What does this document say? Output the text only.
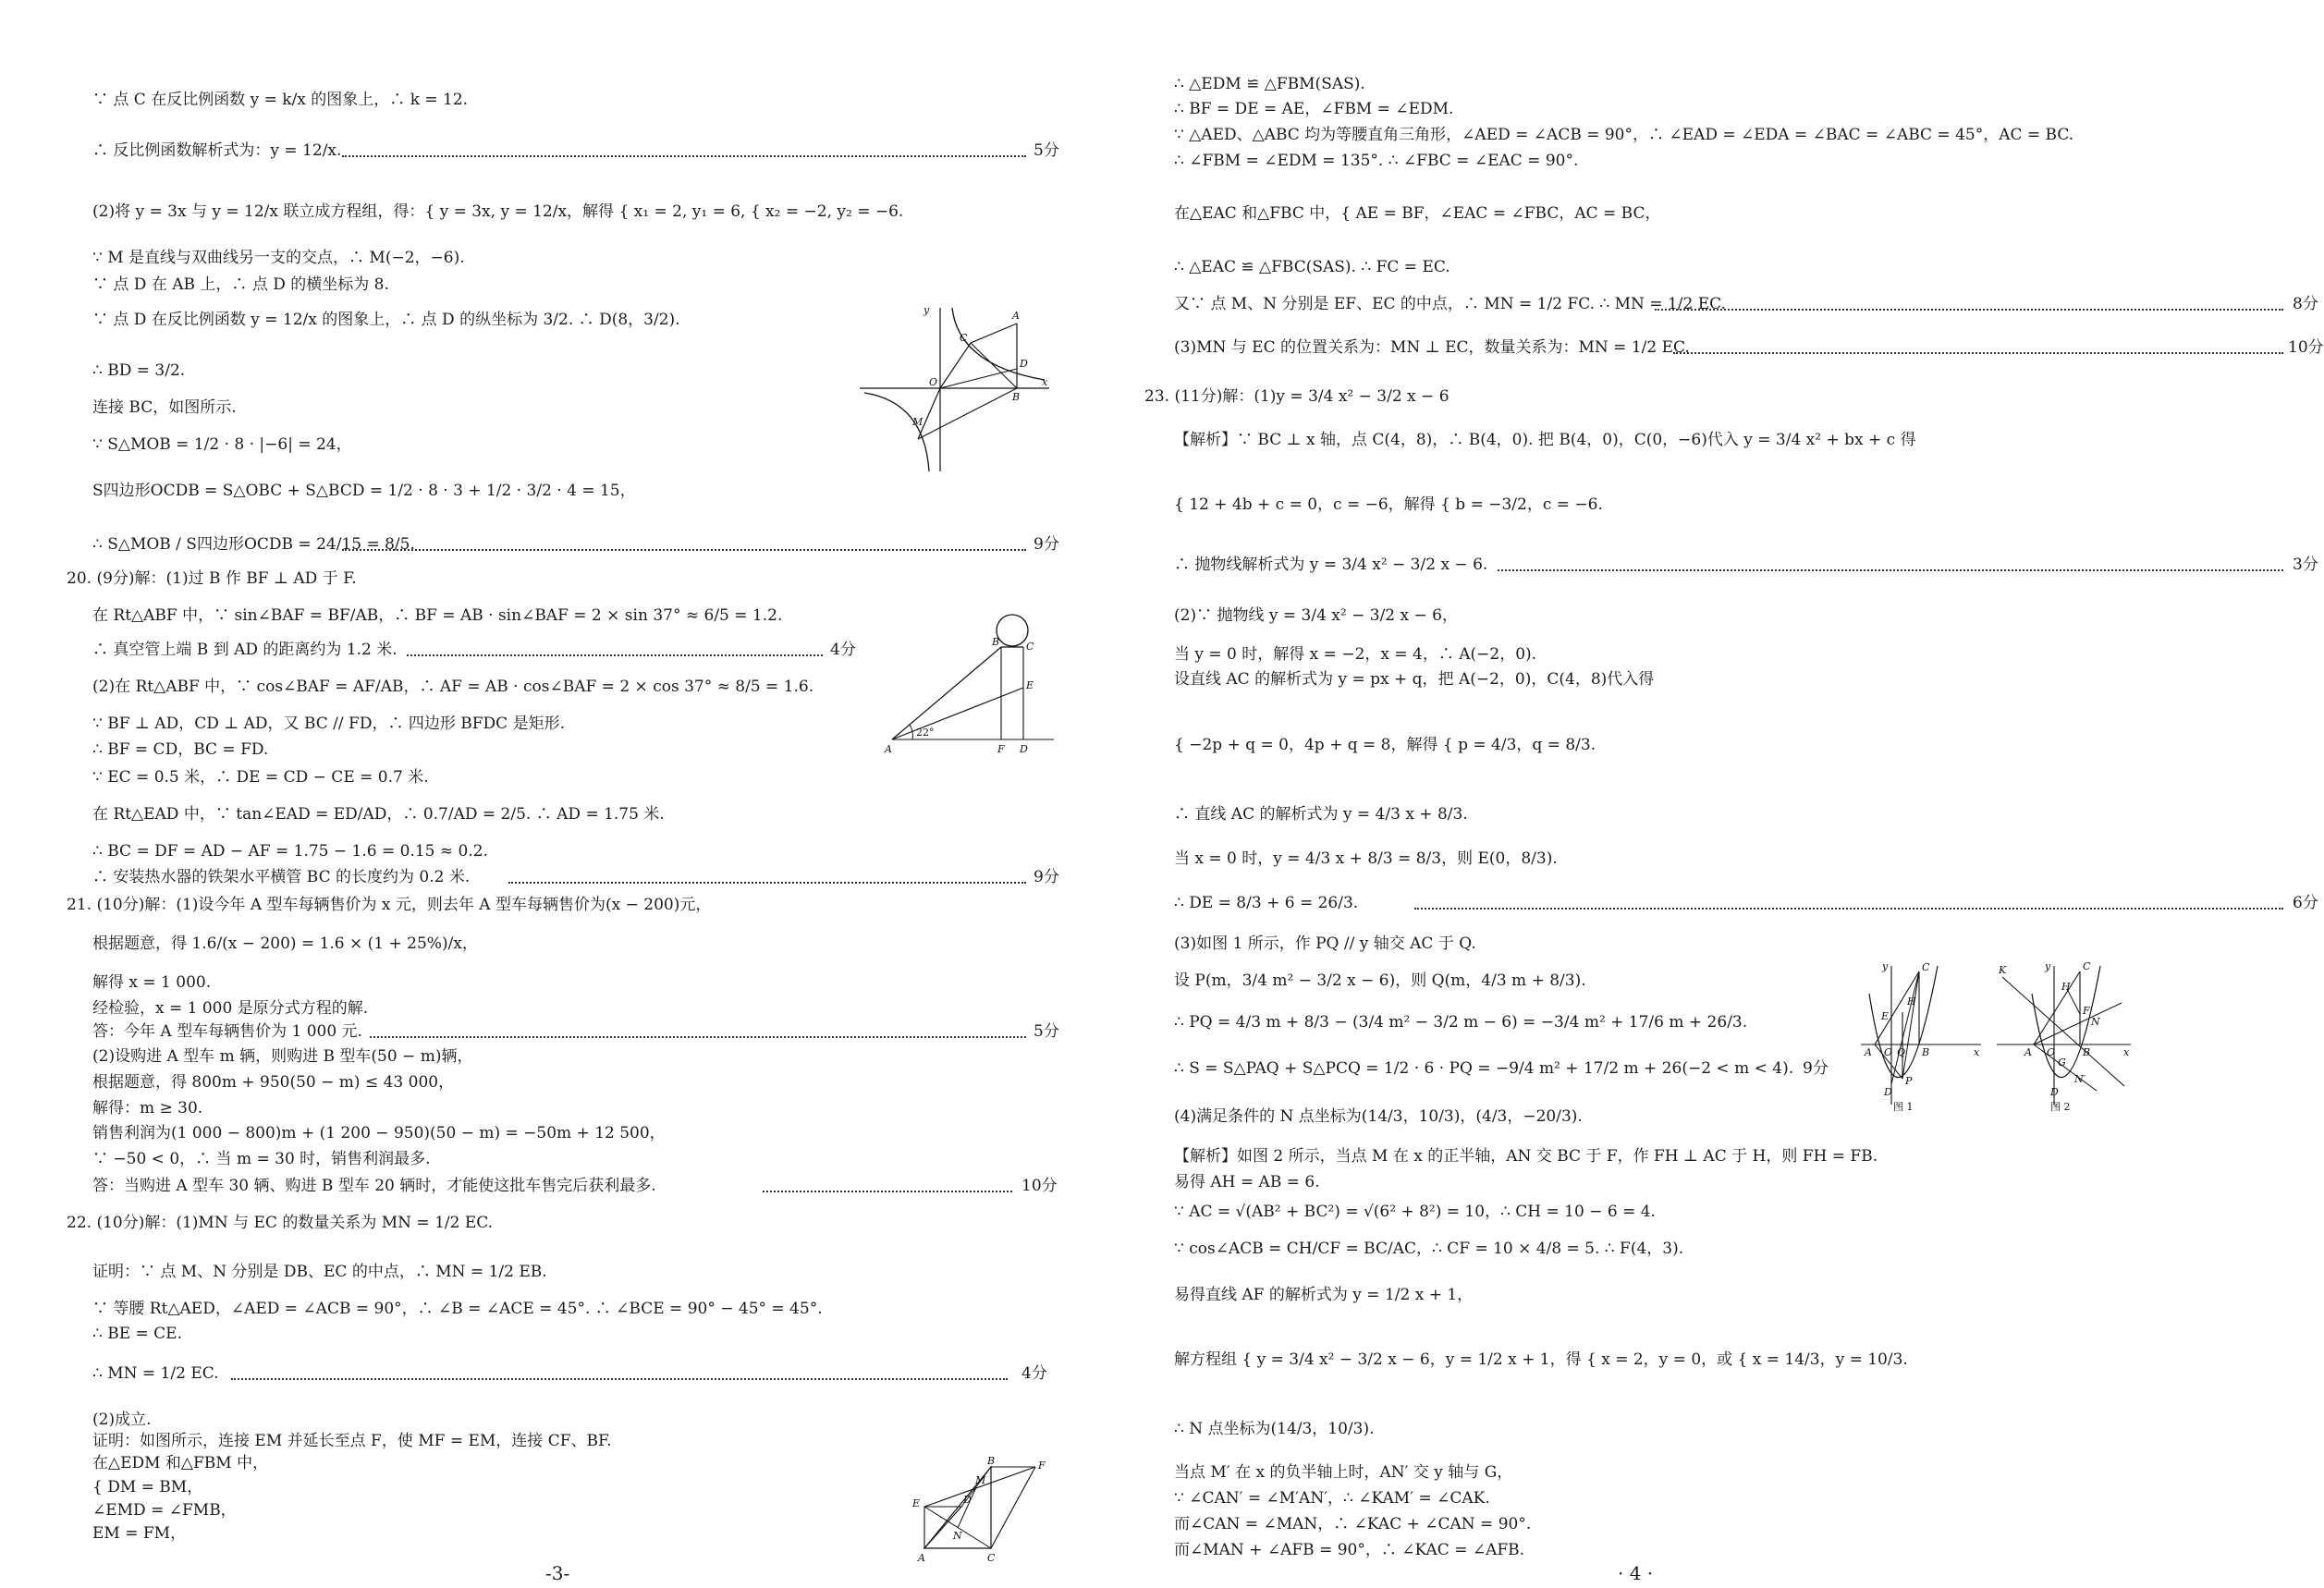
∵ 点 C 在反比例函数 y = k/x 的图象上，∴ k = 12.
∴ 反比例函数解析式为：y = 12/x.	5分
(2)将 y = 3x 与 y = 12/x 联立成方程组，得：{ y = 3x, y = 12/x，解得 { x₁ = 2, y₁ = 6, { x₂ = −2, y₂ = −6.
∵ M 是直线与双曲线另一支的交点，∴ M(−2，−6).
∵ 点 D 在 AB 上，∴ 点 D 的横坐标为 8.
∵ 点 D 在反比例函数 y = 12/x 的图象上，∴ 点 D 的纵坐标为 3/2. ∴ D(8，3/2).
∴ BD = 3/2.
连接 BC，如图所示.
∵ S△MOB = 1/2 · 8 · |−6| = 24，
S四边形OCDB = S△OBC + S△BCD = 1/2 · 8 · 3 + 1/2 · 3/2 · 4 = 15，
∴ S△MOB / S四边形OCDB = 24/15 = 8/5.	9分
20. (9分)解：(1)过 B 作 BF ⊥ AD 于 F.
在 Rt△ABF 中，∵ sin∠BAF = BF/AB，∴ BF = AB · sin∠BAF = 2 × sin 37° ≈ 6/5 = 1.2.
∴ 真空管上端 B 到 AD 的距离约为 1.2 米.	4分
(2)在 Rt△ABF 中，∵ cos∠BAF = AF/AB，∴ AF = AB · cos∠BAF = 2 × cos 37° ≈ 8/5 = 1.6.
∵ BF ⊥ AD，CD ⊥ AD，又 BC // FD，∴ 四边形 BFDC 是矩形.
∴ BF = CD，BC = FD.
∵ EC = 0.5 米，∴ DE = CD − CE = 0.7 米.
在 Rt△EAD 中，∵ tan∠EAD = ED/AD，∴ 0.7/AD = 2/5. ∴ AD = 1.75 米.
∴ BC = DF = AD − AF = 1.75 − 1.6 = 0.15 ≈ 0.2.
∴ 安装热水器的铁架水平横管 BC 的长度约为 0.2 米.	9分
21. (10分)解：(1)设今年 A 型车每辆售价为 x 元，则去年 A 型车每辆售价为(x − 200)元，
根据题意，得 1.6/(x − 200) = 1.6 × (1 + 25%)/x，
解得 x = 1 000.
经检验，x = 1 000 是原分式方程的解.
答：今年 A 型车每辆售价为 1 000 元.	5分
(2)设购进 A 型车 m 辆，则购进 B 型车(50 − m)辆，
根据题意，得 800m + 950(50 − m) ≤ 43 000，
解得：m ≥ 30.
销售利润为(1 000 − 800)m + (1 200 − 950)(50 − m) = −50m + 12 500，
∵ −50 < 0，∴ 当 m = 30 时，销售利润最多.
答：当购进 A 型车 30 辆、购进 B 型车 20 辆时，才能使这批车售完后获利最多.	10分
22. (10分)解：(1)MN 与 EC 的数量关系为 MN = 1/2 EC.
证明：∵ 点 M、N 分别是 DB、EC 的中点，∴ MN = 1/2 EB.
∵ 等腰 Rt△AED，∠AED = ∠ACB = 90°，∴ ∠B = ∠ACE = 45°. ∴ ∠BCE = 90° − 45° = 45°.
∴ BE = CE.
∴ MN = 1/2 EC.	4分
(2)成立.
证明：如图所示，连接 EM 并延长至点 F，使 MF = EM，连接 CF、BF.
在△EDM 和△FBM 中，
{ DM = BM，
∠EMD = ∠FMB，
EM = FM，
-3-
y	A
C
D
O
B
x
M
B	C
E
A
22°
F D
B	F
E
M
D
N
A	C
∴ △EDM ≌ △FBM(SAS).
∴ BF = DE = AE，∠FBM = ∠EDM.
∵ △AED、△ABC 均为等腰直角三角形，∠AED = ∠ACB = 90°，∴ ∠EAD = ∠EDA = ∠BAC = ∠ABC = 45°，AC = BC.
∴ ∠FBM = ∠EDM = 135°. ∴ ∠FBC = ∠EAC = 90°.
在△EAC 和△FBC 中，{ AE = BF，∠EAC = ∠FBC，AC = BC，
∴ △EAC ≌ △FBC(SAS). ∴ FC = EC.
又∵ 点 M、N 分别是 EF、EC 的中点，∴ MN = 1/2 FC. ∴ MN = 1/2 EC.	8分
(3)MN 与 EC 的位置关系为：MN ⊥ EC，数量关系为：MN = 1/2 EC.	10分
23. (11分)解：(1)y = 3/4 x² − 3/2 x − 6
【解析】∵ BC ⊥ x 轴，点 C(4，8)，∴ B(4，0). 把 B(4，0)，C(0，−6)代入 y = 3/4 x² + bx + c 得
{ 12 + 4b + c = 0，c = −6，解得 { b = −3/2，c = −6.
∴ 抛物线解析式为 y = 3/4 x² − 3/2 x − 6.	3分
(2)∵ 抛物线 y = 3/4 x² − 3/2 x − 6，
当 y = 0 时，解得 x = −2，x = 4，∴ A(−2，0).
设直线 AC 的解析式为 y = px + q，把 A(−2，0)，C(4，8)代入得
{ −2p + q = 0，4p + q = 8，解得 { p = 4/3，q = 8/3.
∴ 直线 AC 的解析式为 y = 4/3 x + 8/3.
当 x = 0 时，y = 4/3 x + 8/3 = 8/3，则 E(0，8/3).
∴ DE = 8/3 + 6 = 26/3.	6分
(3)如图 1 所示，作 PQ // y 轴交 AC 于 Q.
设 P(m，3/4 m² − 3/2 x − 6)，则 Q(m，4/3 m + 8/3).
∴ PQ = 4/3 m + 8/3 − (3/4 m² − 3/2 m − 6) = −3/4 m² + 17/6 m + 26/3.
∴ S = S△PAQ + S△PCQ = 1/2 · 6 · PQ = −9/4 m² + 17/2 m + 26(−2 < m < 4). 9分
(4)满足条件的 N 点坐标为(14/3，10/3)，(4/3，−20/3).
【解析】如图 2 所示，当点 M 在 x 的正半轴，AN 交 BC 于 F，作 FH ⊥ AC 于 H，则 FH = FB.
易得 AH = AB = 6.
∵ AC = √(AB² + BC²) = √(6² + 8²) = 10，∴ CH = 10 − 6 = 4.
∵ cos∠ACB = CH/CF = BC/AC，∴ CF = 10 × 4/8 = 5. ∴ F(4，3).
易得直线 AF 的解析式为 y = 1/2 x + 1，
解方程组 { y = 3/4 x² − 3/2 x − 6，y = 1/2 x + 1，得 { x = 2，y = 0，或 { x = 14/3，y = 10/3.
∴ N 点坐标为(14/3，10/3).
当点 M′ 在 x 的负半轴上时，AN′ 交 y 轴与 G，
∵ ∠CAN′ = ∠M′AN′，∴ ∠KAM′ = ∠CAK.
而∠CAN = ∠MAN，∴ ∠KAC + ∠CAN = 90°.
而∠MAN + ∠AFB = 90°，∴ ∠KAC = ∠AFB.
· 4 ·
y	C
E
H
A O Q B	x
D
P
图 1
K	y	C
H
F
N
A O
G
B	x
D
N′
图 2
